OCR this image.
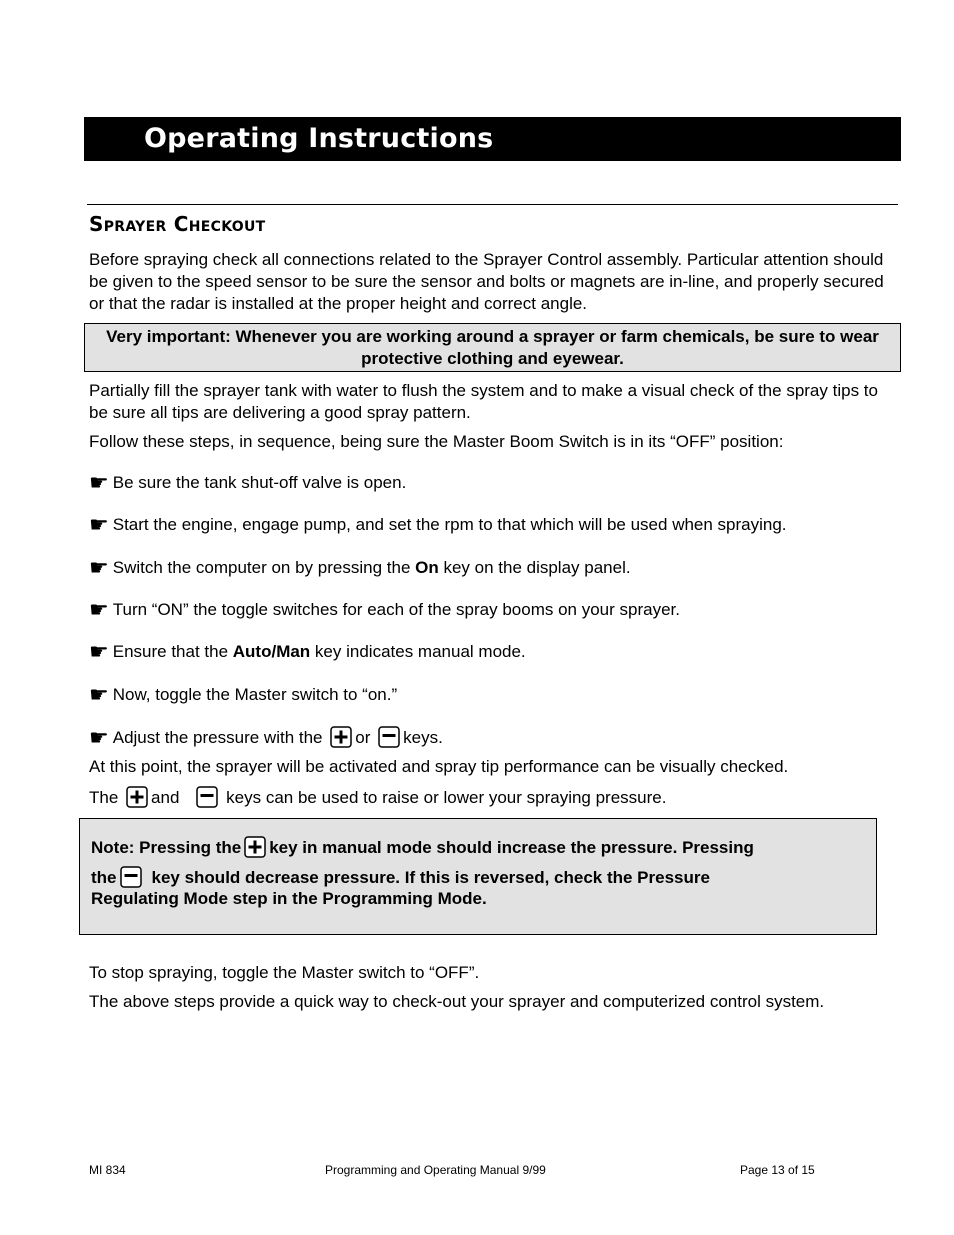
Operating Instructions
Sprayer Checkout
Before spraying check all connections related to the Sprayer Control assembly. Particular attention should be given to the speed sensor to be sure the sensor and bolts or magnets are in-line, and properly secured or that the radar is installed at the proper height and correct angle.
Very important: Whenever you are working around a sprayer or farm chemicals, be sure to wear protective clothing and eyewear.
Partially fill the sprayer tank with water to flush the system and to make a visual check of the spray tips to be sure all tips are delivering a good spray pattern.
Follow these steps, in sequence, being sure the Master Boom Switch is in its “OFF” position:
☛ Be sure the tank shut-off valve is open.
☛ Start the engine, engage pump, and set the rpm to that which will be used when spraying.
☛ Switch the computer on by pressing the On key on the display panel.
☛ Turn “ON” the toggle switches for each of the spray booms on your sprayer.
☛ Ensure that the Auto/Man key indicates manual mode.
☛ Now, toggle the Master switch to “on.”
☛ Adjust the pressure with the or keys.
At this point, the sprayer will be activated and spray tip performance can be visually checked.
The and	keys can be used to raise or lower your spraying pressure.
Note: Pressing the key in manual mode should increase the pressure. Pressing
the key should decrease pressure. If this is reversed, check the Pressure
Regulating Mode step in the Programming Mode.
To stop spraying, toggle the Master switch to “OFF”.
The above steps provide a quick way to check-out your sprayer and computerized control system.
MI 834	Programming and Operating Manual 9/99	Page 13 of 15
